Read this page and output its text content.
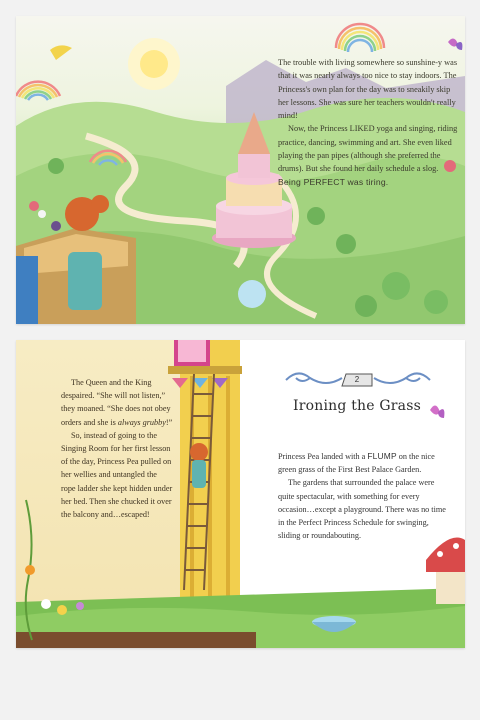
The trouble with living somewhere so sunshine-y was that it was nearly always too nice to stay indoors. The Princess's own plan for the day was to sneakily skip her lessons. She was sure her teachers wouldn't really mind!

Now, the Princess LIKED yoga and singing, riding practice, dancing, swimming and art. She even liked playing the pan pipes (although she preferred the drums). But she found her daily schedule a slog. Being PERFECT was tiring.

The Queen and the King despaired. “She will not listen,” they moaned. “She does not obey orders and she is always grubby!”

So, instead of going to the Singing Room for her first lesson of the day, Princess Pea pulled on her wellies and untangled the rope ladder she kept hidden under her bed. Then she chucked it over the balcony and…escaped!

2
Ironing the Grass

Princess Pea landed with a FLUMP on the nice green grass of the First Best Palace Garden.

The gardens that surrounded the palace were quite spectacular, with something for every occasion…except a playground. There was no time in the Perfect Princess Schedule for swinging, sliding or roundabouting.
